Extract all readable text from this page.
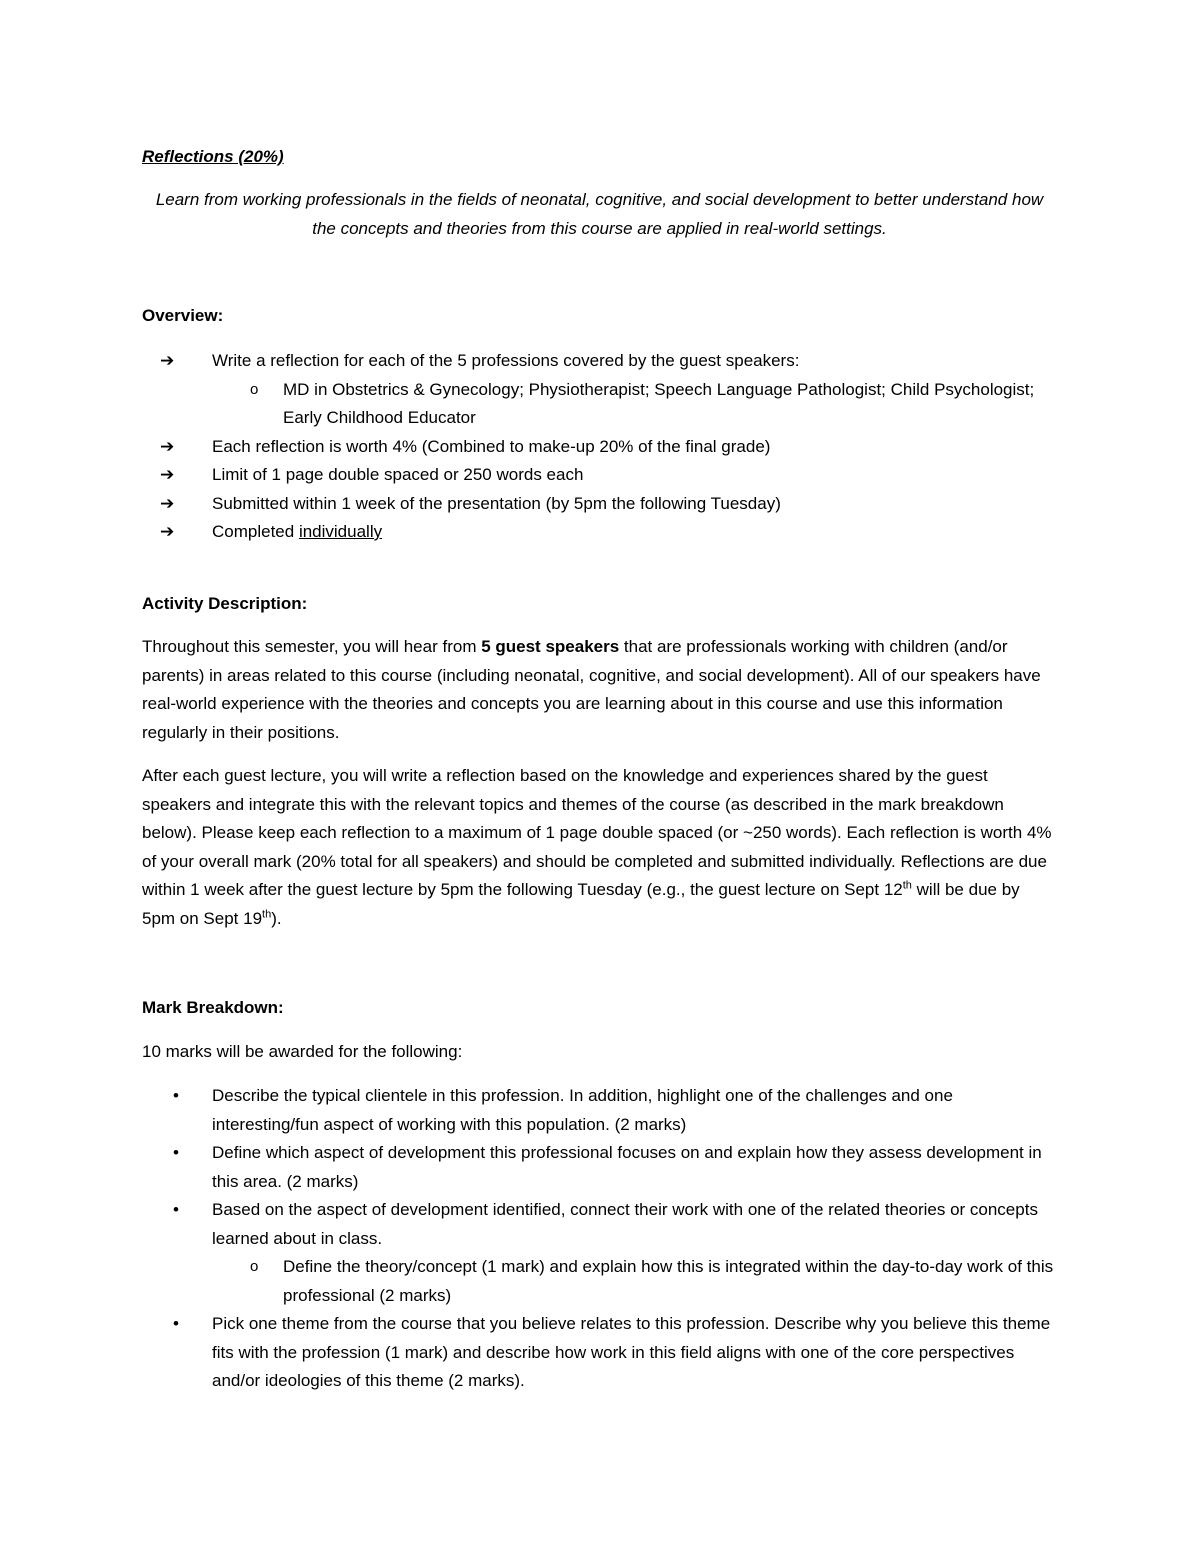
Reflections (20%)
Learn from working professionals in the fields of neonatal, cognitive, and social development to better understand how the concepts and theories from this course are applied in real-world settings.
Overview:
➔ Write a reflection for each of the 5 professions covered by the guest speakers:
o MD in Obstetrics & Gynecology; Physiotherapist; Speech Language Pathologist; Child Psychologist; Early Childhood Educator
➔ Each reflection is worth 4% (Combined to make-up 20% of the final grade)
➔ Limit of 1 page double spaced or 250 words each
➔ Submitted within 1 week of the presentation (by 5pm the following Tuesday)
➔ Completed individually
Activity Description:

Throughout this semester, you will hear from 5 guest speakers that are professionals working with children (and/or parents) in areas related to this course (including neonatal, cognitive, and social development). All of our speakers have real-world experience with the theories and concepts you are learning about in this course and use this information regularly in their positions.

After each guest lecture, you will write a reflection based on the knowledge and experiences shared by the guest speakers and integrate this with the relevant topics and themes of the course (as described in the mark breakdown below). Please keep each reflection to a maximum of 1 page double spaced (or ~250 words). Each reflection is worth 4% of your overall mark (20% total for all speakers) and should be completed and submitted individually. Reflections are due within 1 week after the guest lecture by 5pm the following Tuesday (e.g., the guest lecture on Sept 12th will be due by 5pm on Sept 19th).

Mark Breakdown:
10 marks will be awarded for the following:
• Describe the typical clientele in this profession. In addition, highlight one of the challenges and one interesting/fun aspect of working with this population. (2 marks)
• Define which aspect of development this professional focuses on and explain how they assess development in this area. (2 marks)
• Based on the aspect of development identified, connect their work with one of the related theories or concepts learned about in class.
o Define the theory/concept (1 mark) and explain how this is integrated within the day-to-day work of this professional (2 marks)
• Pick one theme from the course that you believe relates to this profession. Describe why you believe this theme fits with the profession (1 mark) and describe how work in this field aligns with one of the core perspectives and/or ideologies of this theme (2 marks).
